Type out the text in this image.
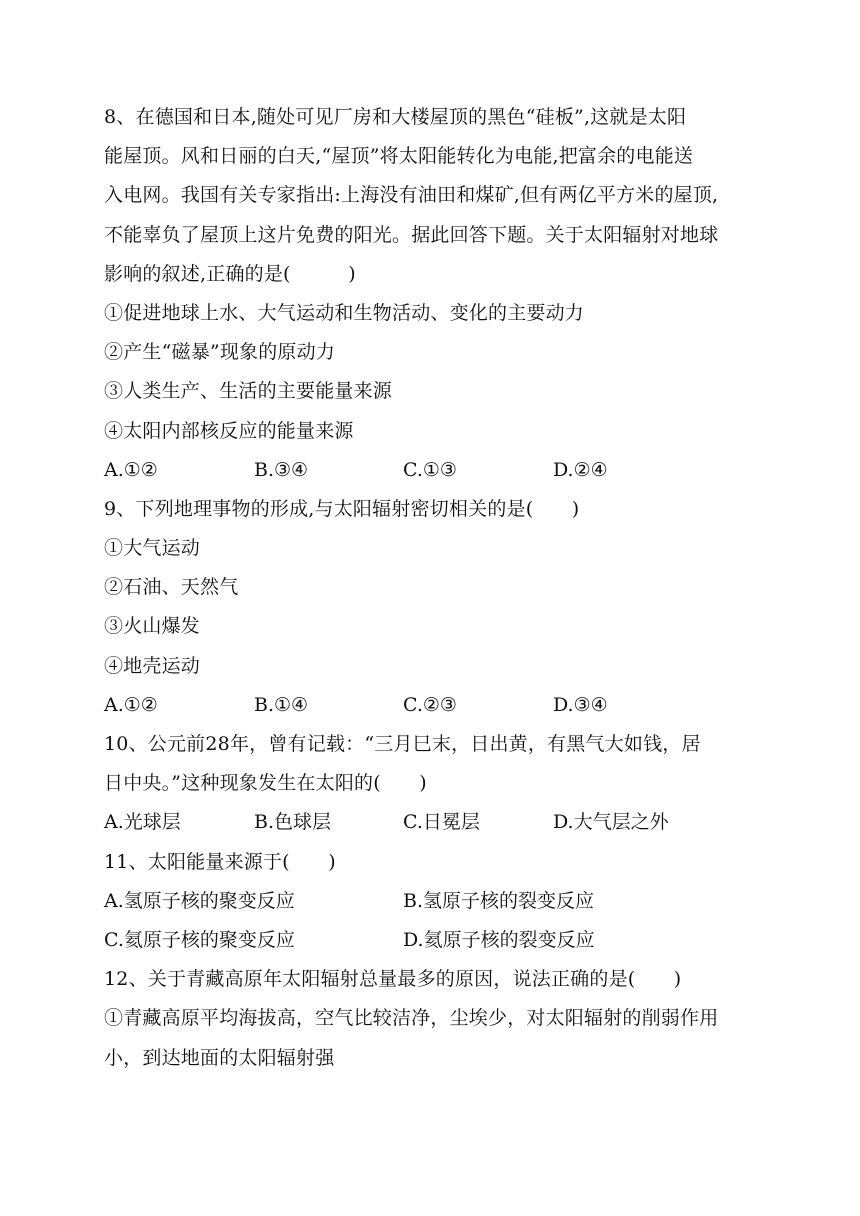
8、在德国和日本,随处可见厂房和大楼屋顶的黑色“硅板”,这就是太阳
能屋顶。风和日丽的白天,“屋顶”将太阳能转化为电能,把富余的电能送
入电网。我国有关专家指出:上海没有油田和煤矿,但有两亿平方米的屋顶,
不能辜负了屋顶上这片免费的阳光。据此回答下题。关于太阳辐射对地球
影响的叙述,正确的是(　　　)
①促进地球上水、大气运动和生物活动、变化的主要动力
②产生“磁暴”现象的原动力
③人类生产、生活的主要能量来源
④太阳内部核反应的能量来源
A.①②	B.③④	C.①③	D.②④
9、下列地理事物的形成,与太阳辐射密切相关的是(　　)
①大气运动
②石油、天然气
③火山爆发
④地壳运动
A.①②	B.①④	C.②③	D.③④
10、公元前28年，曾有记载：“三月巳末，日出黄，有黑气大如钱，居
日中央。”这种现象发生在太阳的(　　)
A.光球层	B.色球层	C.日冕层	D.大气层之外
11、太阳能量来源于(　　)
A.氢原子核的聚变反应	B.氢原子核的裂变反应
C.氦原子核的聚变反应	D.氦原子核的裂变反应
12、关于青藏高原年太阳辐射总量最多的原因，说法正确的是(　　)
①青藏高原平均海拔高，空气比较洁净，尘埃少，对太阳辐射的削弱作用
小，到达地面的太阳辐射强
